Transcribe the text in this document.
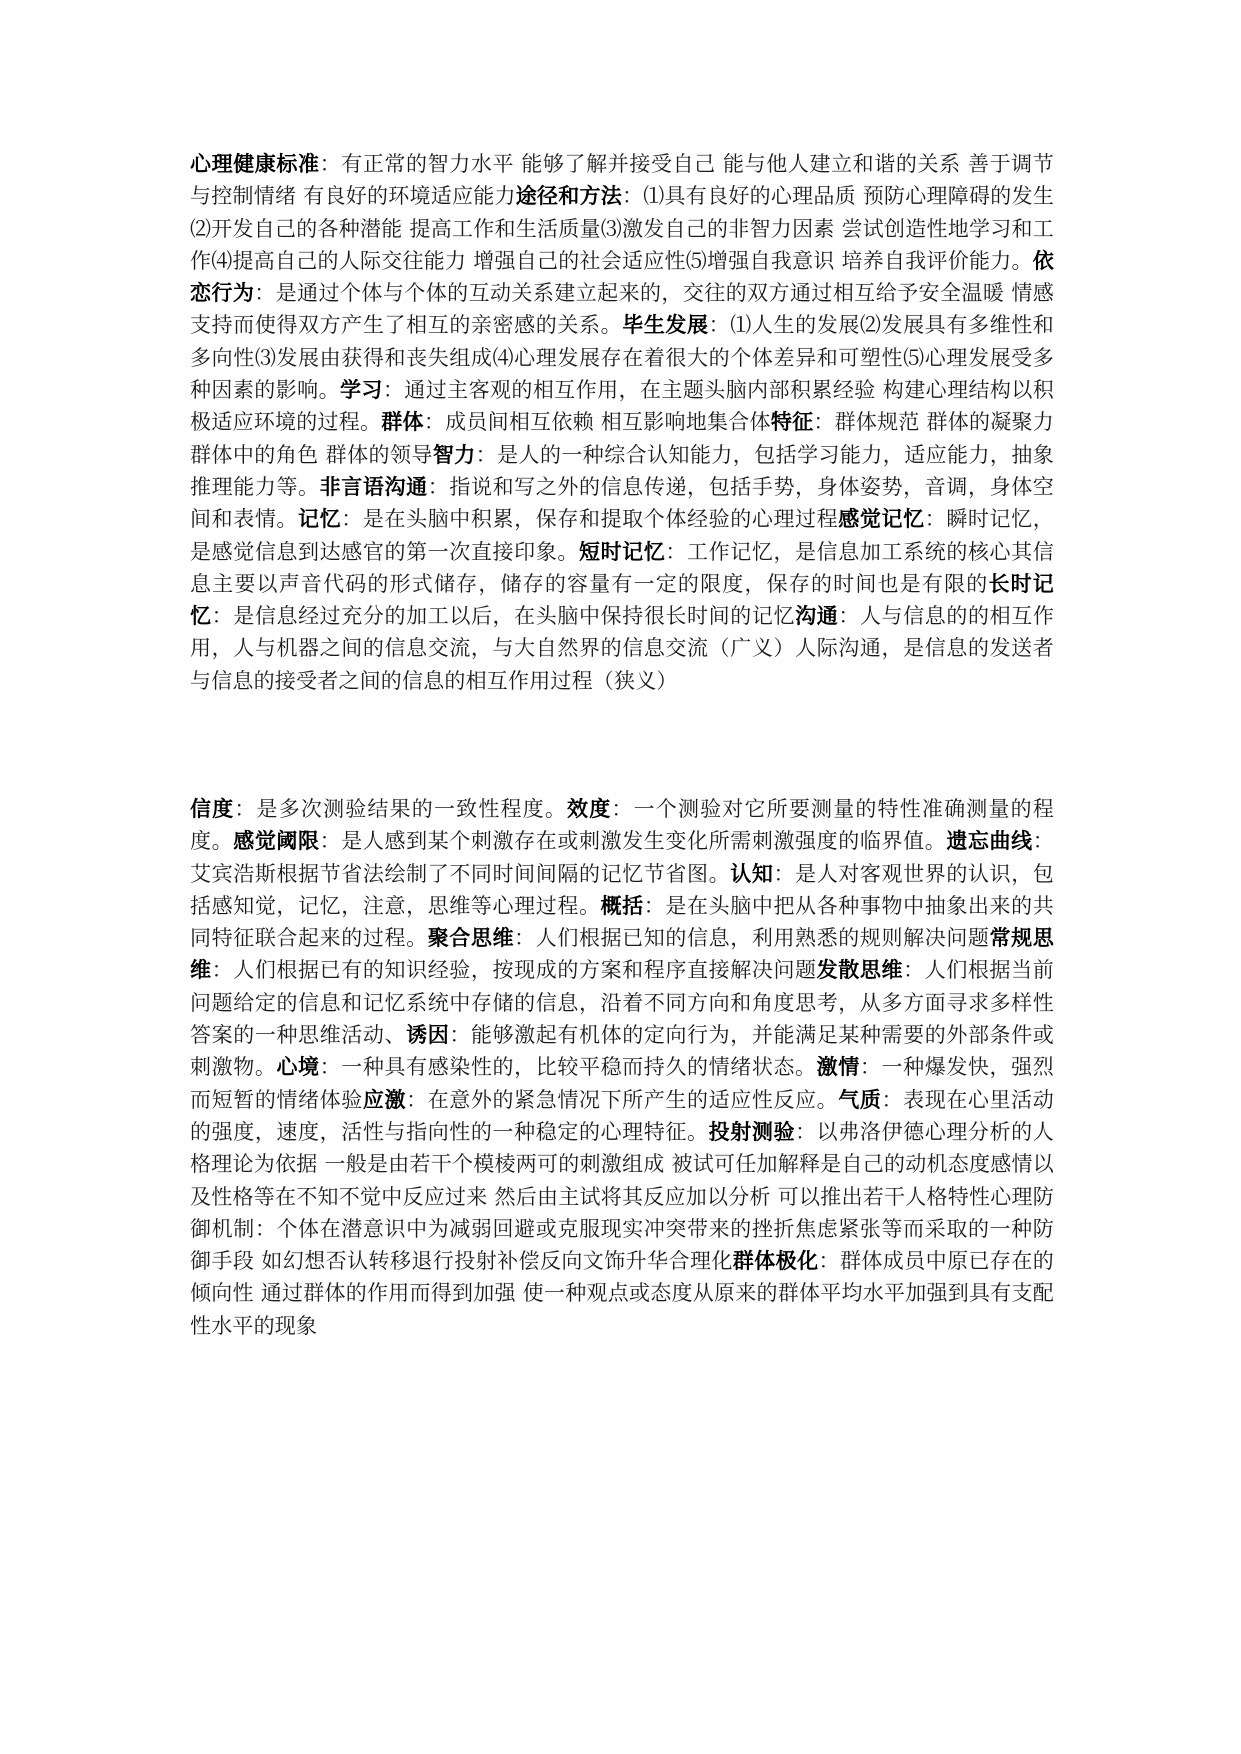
心理健康标准：有正常的智力水平 能够了解并接受自己 能与他人建立和谐的关系 善于调节与控制情绪 有良好的环境适应能力途径和方法：⑴具有良好的心理品质 预防心理障碍的发生⑵开发自己的各种潜能 提高工作和生活质量⑶激发自己的非智力因素 尝试创造性地学习和工作⑷提高自己的人际交往能力 增强自己的社会适应性⑸增强自我意识 培养自我评价能力。依恋行为：是通过个体与个体的互动关系建立起来的，交往的双方通过相互给予安全温暖 情感支持而使得双方产生了相互的亲密感的关系。毕生发展：⑴人生的发展⑵发展具有多维性和多向性⑶发展由获得和丧失组成⑷心理发展存在着很大的个体差异和可塑性⑸心理发展受多种因素的影响。学习：通过主客观的相互作用，在主题头脑内部积累经验 构建心理结构以积极适应环境的过程。群体：成员间相互依赖 相互影响地集合体特征：群体规范 群体的凝聚力 群体中的角色 群体的领导智力：是人的一种综合认知能力，包括学习能力，适应能力，抽象推理能力等。非言语沟通：指说和写之外的信息传递，包括手势，身体姿势，音调，身体空间和表情。记忆：是在头脑中积累，保存和提取个体经验的心理过程感觉记忆：瞬时记忆，是感觉信息到达感官的第一次直接印象。短时记忆：工作记忆，是信息加工系统的核心其信息主要以声音代码的形式储存，储存的容量有一定的限度，保存的时间也是有限的长时记忆：是信息经过充分的加工以后，在头脑中保持很长时间的记忆沟通：人与信息的的相互作用，人与机器之间的信息交流，与大自然界的信息交流（广义）人际沟通，是信息的发送者与信息的接受者之间的信息的相互作用过程（狭义）

信度：是多次测验结果的一致性程度。效度：一个测验对它所要测量的特性准确测量的程度。感觉阈限：是人感到某个刺激存在或刺激发生变化所需刺激强度的临界值。遗忘曲线：艾宾浩斯根据节省法绘制了不同时间间隔的记忆节省图。认知：是人对客观世界的认识，包括感知觉，记忆，注意，思维等心理过程。概括：是在头脑中把从各种事物中抽象出来的共同特征联合起来的过程。聚合思维：人们根据已知的信息，利用熟悉的规则解决问题常规思维：人们根据已有的知识经验，按现成的方案和程序直接解决问题发散思维：人们根据当前问题给定的信息和记忆系统中存储的信息，沿着不同方向和角度思考，从多方面寻求多样性答案的一种思维活动、诱因：能够激起有机体的定向行为，并能满足某种需要的外部条件或刺激物。心境：一种具有感染性的，比较平稳而持久的情绪状态。激情：一种爆发快，强烈而短暂的情绪体验应激：在意外的紧急情况下所产生的适应性反应。气质：表现在心里活动的强度，速度，活性与指向性的一种稳定的心理特征。投射测验：以弗洛伊德心理分析的人格理论为依据 一般是由若干个模棱两可的刺激组成 被试可任加解释是自己的动机态度感情以及性格等在不知不觉中反应过来 然后由主试将其反应加以分析 可以推出若干人格特性心理防御机制：个体在潜意识中为减弱回避或克服现实冲突带来的挫折焦虑紧张等而采取的一种防御手段 如幻想否认转移退行投射补偿反向文饰升华合理化群体极化：群体成员中原已存在的倾向性 通过群体的作用而得到加强 使一种观点或态度从原来的群体平均水平加强到具有支配性水平的现象
